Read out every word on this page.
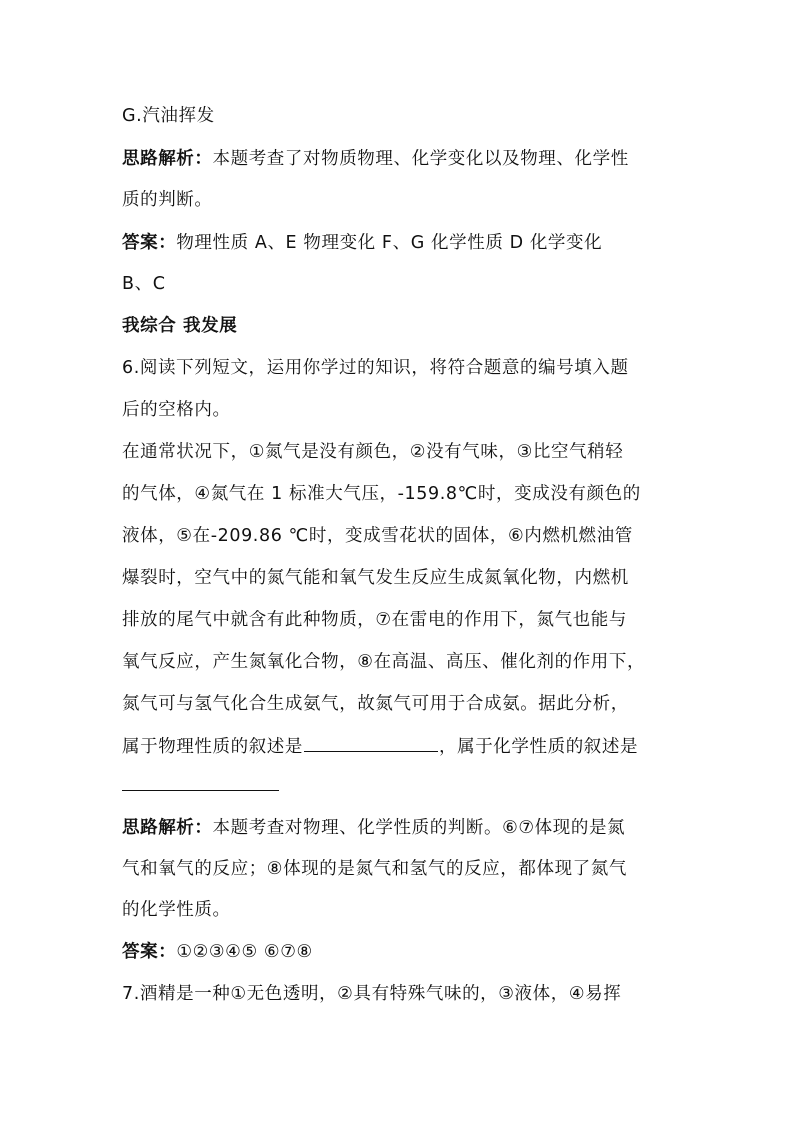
G.汽油挥发
思路解析：本题考查了对物质物理、化学变化以及物理、化学性
质的判断。
答案：物理性质 A、E 物理变化 F、G 化学性质 D 化学变化
B、C
我综合 我发展
6.阅读下列短文，运用你学过的知识，将符合题意的编号填入题
后的空格内。
在通常状况下，①氮气是没有颜色，②没有气味，③比空气稍轻
的气体，④氮气在 1 标准大气压，-159.8℃时，变成没有颜色的
液体，⑤在-209.86 ℃时，变成雪花状的固体，⑥内燃机燃油管
爆裂时，空气中的氮气能和氧气发生反应生成氮氧化物，内燃机
排放的尾气中就含有此种物质，⑦在雷电的作用下，氮气也能与
氧气反应，产生氮氧化合物，⑧在高温、高压、催化剂的作用下，
氮气可与氢气化合生成氨气，故氮气可用于合成氨。据此分析，
属于物理性质的叙述是	，属于化学性质的叙述是
思路解析：本题考查对物理、化学性质的判断。⑥⑦体现的是氮
气和氧气的反应；⑧体现的是氮气和氢气的反应，都体现了氮气
的化学性质。
答案：①②③④⑤ ⑥⑦⑧
7.酒精是一种①无色透明，②具有特殊气味的，③液体，④易挥
